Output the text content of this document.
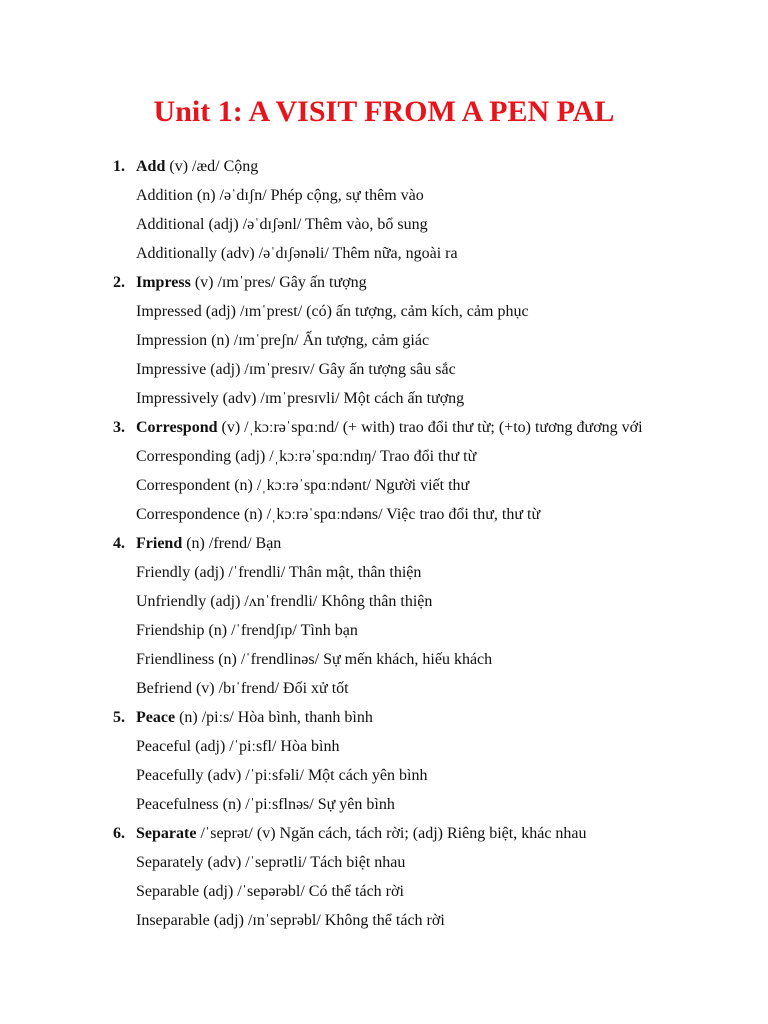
Unit 1: A VISIT FROM A PEN PAL
1. Add (v) /æd/ Cộng
Addition (n) /əˈdɪʃn/ Phép cộng, sự thêm vào
Additional (adj) /əˈdɪʃənl/ Thêm vào, bổ sung
Additionally (adv) /əˈdɪʃənəli/ Thêm nữa, ngoài ra
2. Impress (v) /ɪmˈpres/ Gây ấn tượng
Impressed (adj) /ɪmˈprest/ (có) ấn tượng, cảm kích, cảm phục
Impression (n) /ɪmˈpreʃn/ Ấn tượng, cảm giác
Impressive (adj) /ɪmˈpresɪv/ Gây ấn tượng sâu sắc
Impressively (adv) /ɪmˈpresɪvli/ Một cách ấn tượng
3. Correspond (v) /ˌkɔːrəˈspɑːnd/ (+ with) trao đổi thư từ; (+to) tương đương với
Corresponding (adj) /ˌkɔːrəˈspɑːndɪŋ/ Trao đổi thư từ
Correspondent (n) /ˌkɔːrəˈspɑːndənt/ Người viết thư
Correspondence (n) /ˌkɔːrəˈspɑːndəns/ Việc trao đổi thư, thư từ
4. Friend (n) /frend/ Bạn
Friendly (adj) /ˈfrendli/ Thân mật, thân thiện
Unfriendly (adj) /ʌnˈfrendli/ Không thân thiện
Friendship (n) /ˈfrendʃɪp/ Tình bạn
Friendliness (n) /ˈfrendlinəs/ Sự mến khách, hiếu khách
Befriend (v) /bɪˈfrend/ Đối xử tốt
5. Peace (n) /piːs/ Hòa bình, thanh bình
Peaceful (adj) /ˈpiːsfl/ Hòa bình
Peacefully (adv) /ˈpiːsfəli/ Một cách yên bình
Peacefulness (n) /ˈpiːsflnəs/ Sự yên bình
6. Separate /ˈseprət/ (v) Ngăn cách, tách rời; (adj) Riêng biệt, khác nhau
Separately (adv) /ˈseprətli/ Tách biệt nhau
Separable (adj) /ˈsepərəbl/ Có thể tách rời
Inseparable (adj) /ɪnˈseprəbl/ Không thể tách rời
